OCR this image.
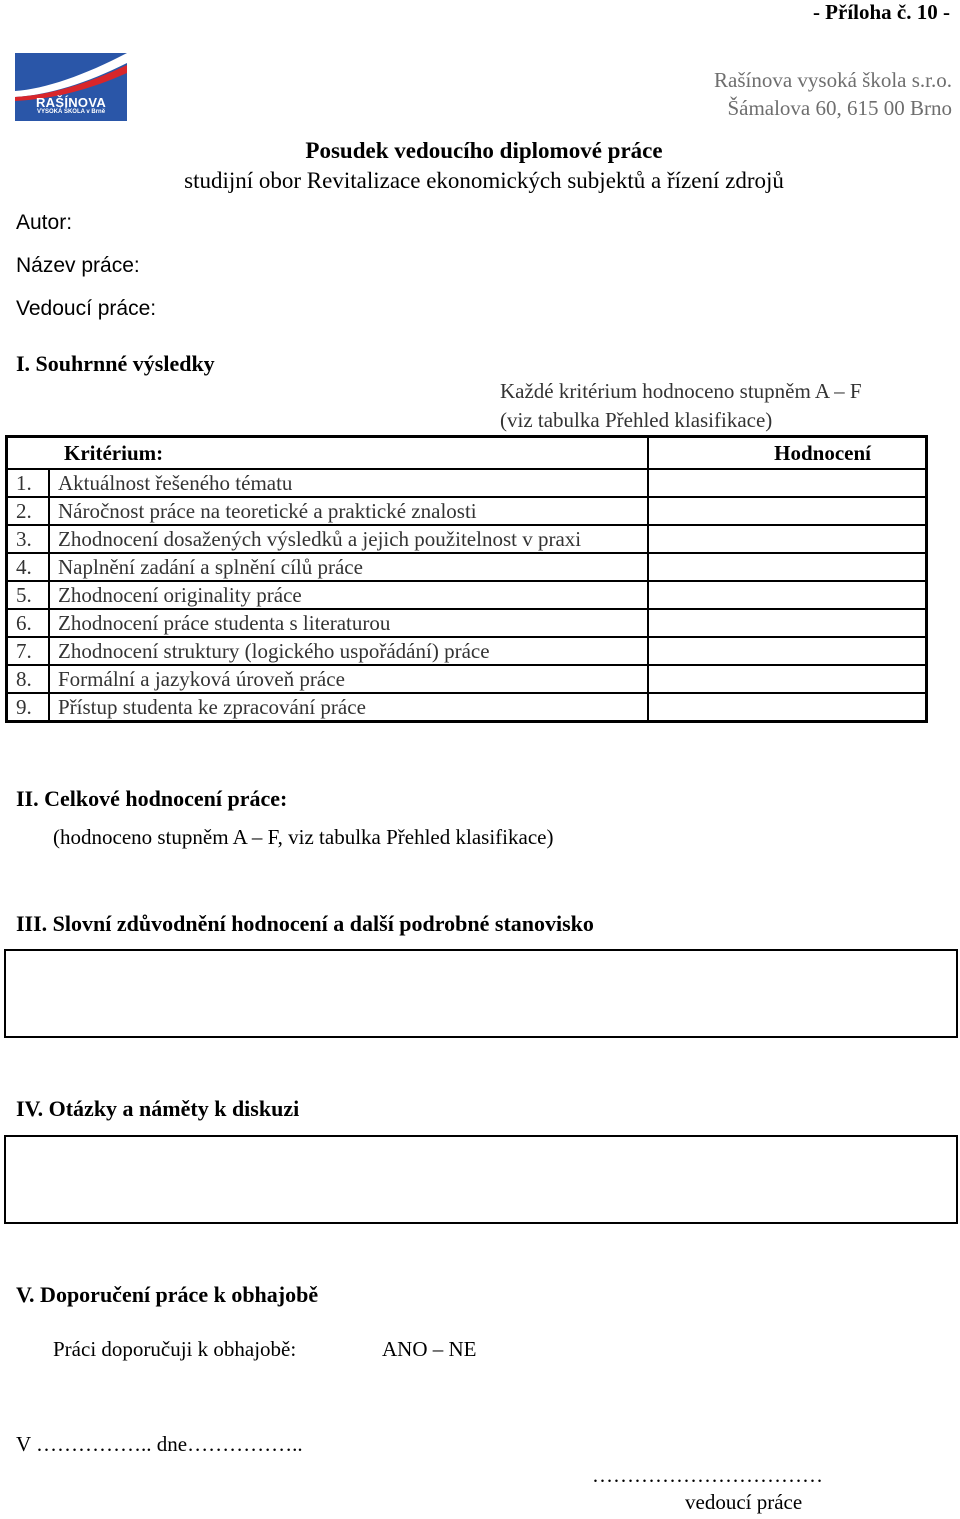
- Příloha č. 10 -
RAŠÍNOVA
VYSOKÁ ŠKOLA v Brně
Rašínova vysoká škola s.r.o.
Šámalova 60, 615 00 Brno
Posudek vedoucího diplomové práce
studijní obor Revitalizace ekonomických subjektů a řízení zdrojů
Autor:
Název práce:
Vedoucí práce:
I. Souhrnné výsledky
Každé kritérium hodnoceno stupněm A – F
(viz tabulka Přehled klasifikace)
Kritérium:		Hodnocení
1.	Aktuálnost řešeného tématu	
2.	Náročnost práce na teoretické a praktické znalosti	
3.	Zhodnocení dosažených výsledků a jejich použitelnost v praxi	
4.	Naplnění zadání a splnění cílů práce	
5.	Zhodnocení originality práce	
6.	Zhodnocení práce studenta s literaturou	
7.	Zhodnocení struktury (logického uspořádání) práce	
8.	Formální a jazyková úroveň práce	
9.	Přístup studenta ke zpracování práce	
II. Celkové hodnocení práce:
(hodnoceno stupněm A – F, viz tabulka Přehled klasifikace)
III. Slovní zdůvodnění hodnocení a další podrobné stanovisko
IV. Otázky a náměty k diskuzi
V. Doporučení práce k obhajobě
Práci doporučuji k obhajobě:	ANO – NE
V …………….. dne……………..
……………………………
vedoucí práce
